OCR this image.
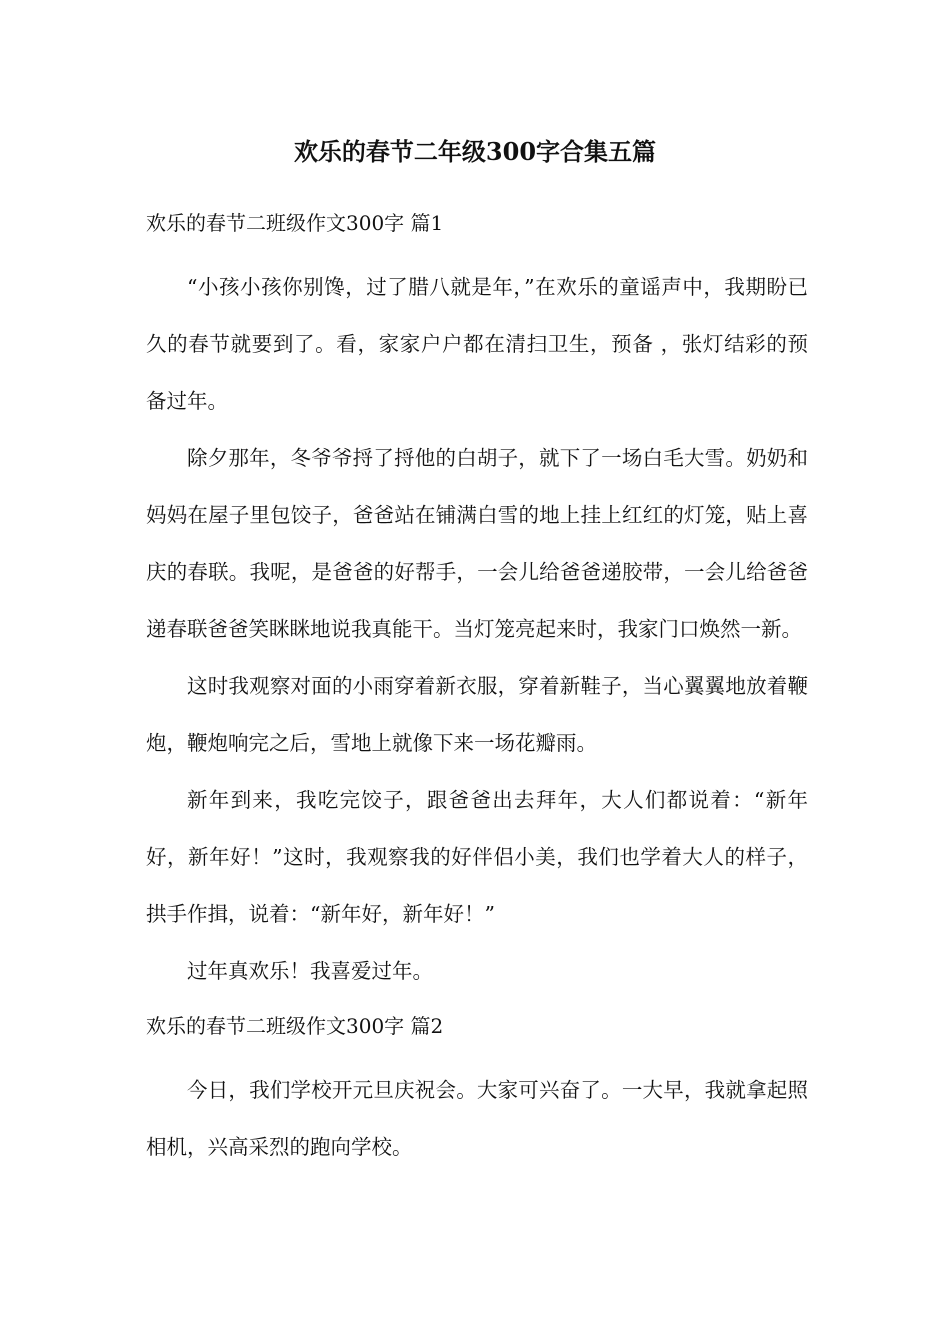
欢乐的春节二年级300字合集五篇

欢乐的春节二班级作文300字 篇1

“小孩小孩你别馋，过了腊八就是年，”在欢乐的童谣声中，我期盼已久的春节就要到了。看，家家户户都在清扫卫生，预备 ，张灯结彩的预备过年。

除夕那年，冬爷爷捋了捋他的白胡子，就下了一场白毛大雪。奶奶和妈妈在屋子里包饺子，爸爸站在铺满白雪的地上挂上红红的灯笼，贴上喜庆的春联。我呢，是爸爸的好帮手，一会儿给爸爸递胶带，一会儿给爸爸递春联爸爸笑眯眯地说我真能干。当灯笼亮起来时，我家门口焕然一新。

这时我观察对面的小雨穿着新衣服，穿着新鞋子，当心翼翼地放着鞭炮，鞭炮响完之后，雪地上就像下来一场花瓣雨。

新年到来，我吃完饺子，跟爸爸出去拜年，大人们都说着：“新年好，新年好！”这时，我观察我的好伴侣小美，我们也学着大人的样子，拱手作揖，说着：“新年好，新年好！”

过年真欢乐！我喜爱过年。

欢乐的春节二班级作文300字 篇2

今日，我们学校开元旦庆祝会。大家可兴奋了。一大早，我就拿起照相机，兴高采烈的跑向学校。
